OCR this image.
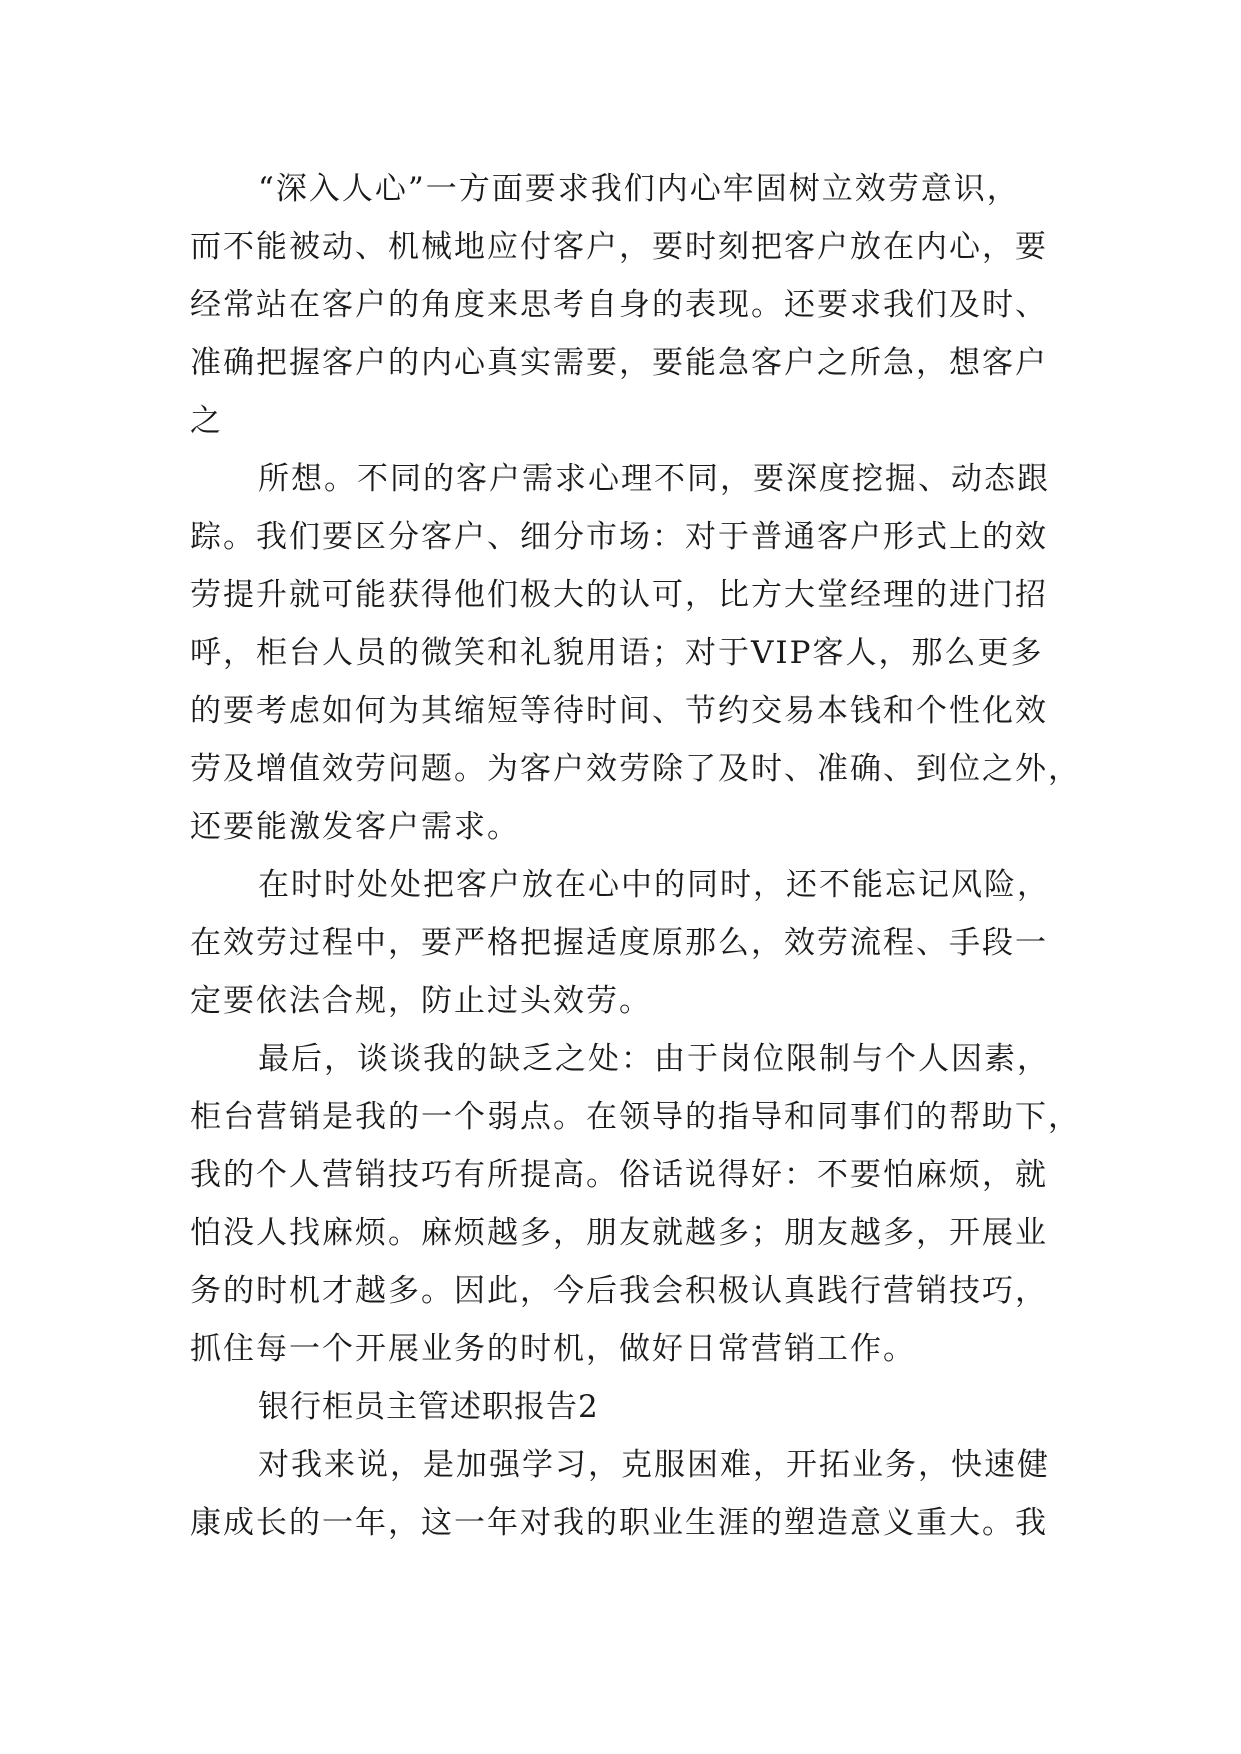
“深入人心”一方面要求我们内心牢固树立效劳意识，
而不能被动、机械地应付客户，要时刻把客户放在内心，要
经常站在客户的角度来思考自身的表现。还要求我们及时、
准确把握客户的内心真实需要，要能急客户之所急，想客户
之
所想。不同的客户需求心理不同，要深度挖掘、动态跟
踪。我们要区分客户、细分市场：对于普通客户形式上的效
劳提升就可能获得他们极大的认可，比方大堂经理的进门招
呼，柜台人员的微笑和礼貌用语；对于VIP客人，那么更多
的要考虑如何为其缩短等待时间、节约交易本钱和个性化效
劳及增值效劳问题。为客户效劳除了及时、准确、到位之外，
还要能激发客户需求。
在时时处处把客户放在心中的同时，还不能忘记风险，
在效劳过程中，要严格把握适度原那么，效劳流程、手段一
定要依法合规，防止过头效劳。
最后，谈谈我的缺乏之处：由于岗位限制与个人因素，
柜台营销是我的一个弱点。在领导的指导和同事们的帮助下，
我的个人营销技巧有所提高。俗话说得好：不要怕麻烦，就
怕没人找麻烦。麻烦越多，朋友就越多；朋友越多，开展业
务的时机才越多。因此，今后我会积极认真践行营销技巧，
抓住每一个开展业务的时机，做好日常营销工作。
银行柜员主管述职报告2
对我来说，是加强学习，克服困难，开拓业务，快速健
康成长的一年，这一年对我的职业生涯的塑造意义重大。我
